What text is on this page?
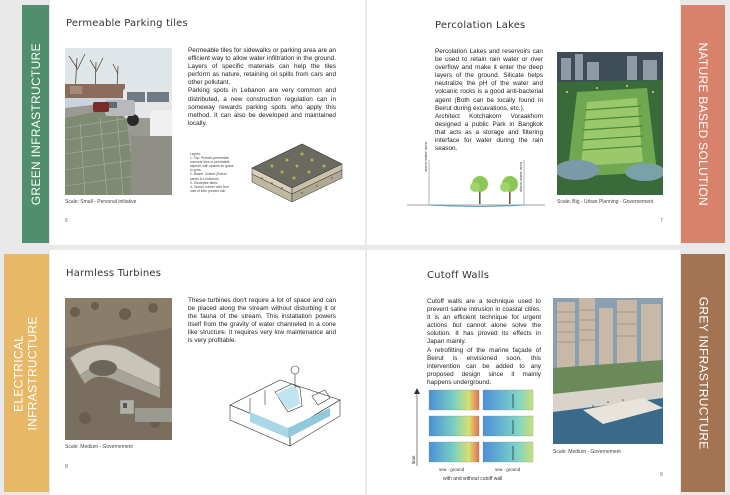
GREEN INFRASTRUCTURE
ELECTRICAL INFRASTRUCTURE
NATURE BASED SOLUTION
GREY INFRASTRUCTURE
Permeable Parking tiles
Scale: Small - Personal initiative

Permeable tiles for sidewalks or parking area are an efficient way to allow water infiltration in the ground. Layers of specific materials can help the tiles perform as nature, retaining oil spills from cars and other pollutant.

Parking spots in Lebanon are very common and distributed, a new construction regulation can in someway rewards parking spots who apply this method. It can also be developed and maintained locally.

Layers:
1- Top: Perméd permeable
concrete tiles or permeable
asphalt, with spaces for grass
to grow.
2- Bitumi: Crated (Gravel
sands to Limbones)
3- Geotextile fabric
4- Gravel, rubber with 9cm
max of inter prevent soil
6
Percolation Lakes

Percolation Lakes and reservoirs can be used to retain rain water or river overflow and make it enter the deep layers of the ground. Silicate helps neutralize the pH of the water and volcanic rocks is a good anti-bacterial agent (Both can be locally found in Beirut during excavations, etc.).

Architect Kotchakorn Voraakhom designed a public Park in Bangkok that acts as a storage and filtering interface for water during the rain season.

Scale: Big - Urban Planning - Governement
storm water area
storm water area
7
Harmless Turbines
Scale: Medium - Governement

These turbines don't require a lot of space and can be placed along the stream without disturbing it or the fauna of the stream. This installation powers itself from the gravity of water channeled in a cone like structure. It requires very low maintenance and is very profitable.

8
Cutoff Walls

Cutoff walls are a technique used to prevent saline intrusion in coastal cities. It is an efficient technique for urgent actions but cannot alone solve the solution. It has proved its effects in Japan mainly.

A retrofitting of the marine façade of Beirut is envisioned soon, this intervention can be added to any proposed design since it mainly happens underground.

Scale: Medium - Governement
time
sea - ground	sea - ground
with and without cutoff wall
9
